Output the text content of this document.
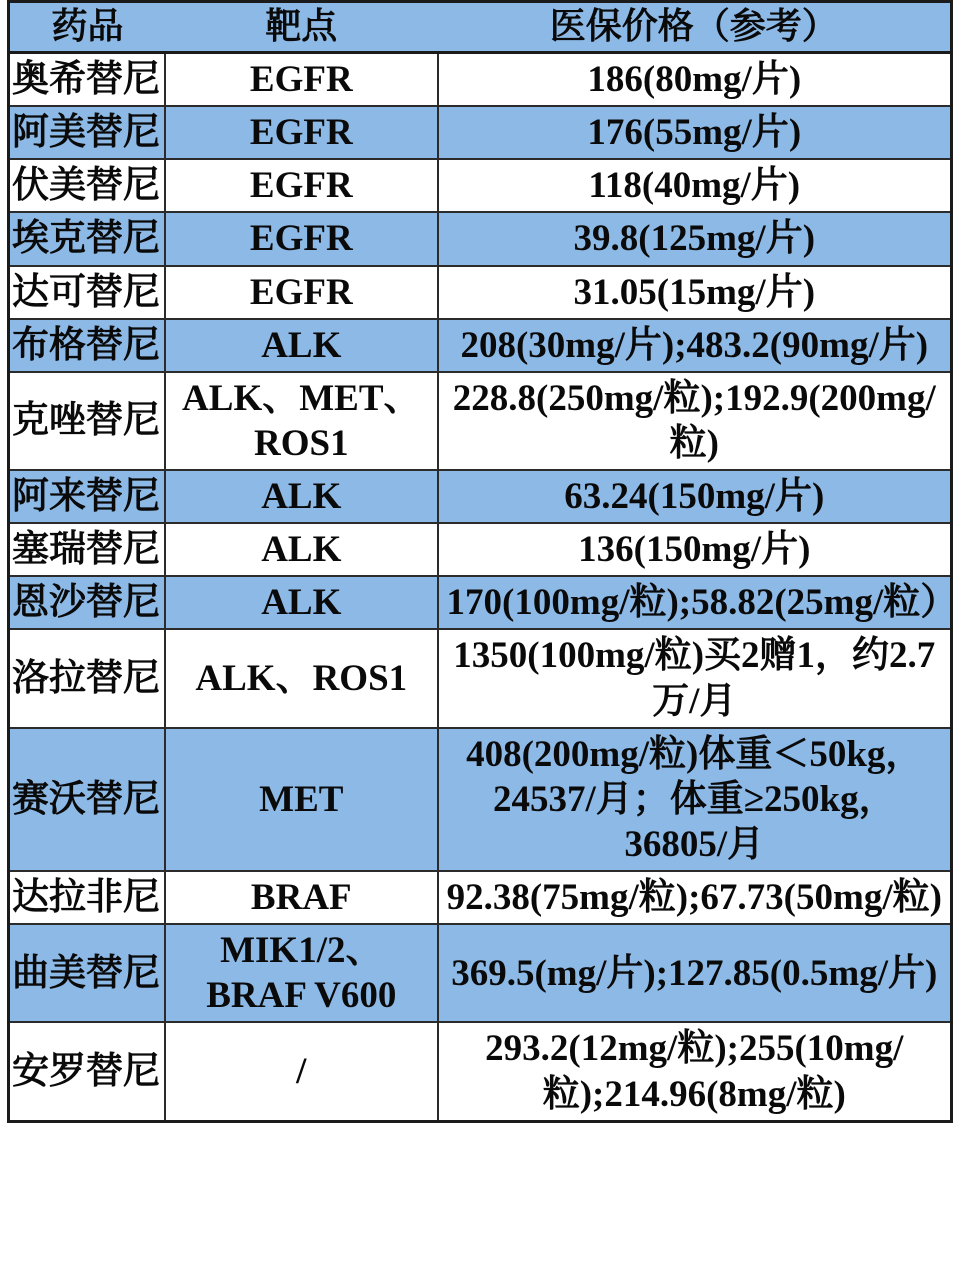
药品	靶点	医保价格（参考）
奥希替尼	EGFR	186(80mg/片)
阿美替尼	EGFR	176(55mg/片)
伏美替尼	EGFR	118(40mg/片)
埃克替尼	EGFR	39.8(125mg/片)
达可替尼	EGFR	31.05(15mg/片)
布格替尼	ALK	208(30mg/片);483.2(90mg/片)
克唑替尼	ALK、MET、ROS1	228.8(250mg/粒);192.9(200mg/粒)
阿来替尼	ALK	63.24(150mg/片)
塞瑞替尼	ALK	136(150mg/片)
恩沙替尼	ALK	170(100mg/粒);58.82(25mg/粒）
洛拉替尼	ALK、ROS1	1350(100mg/粒)买2赠1，约2.7万/月
赛沃替尼	MET	408(200mg/粒)体重＜50kg，24537/月；体重≥250kg，36805/月
达拉非尼	BRAF	92.38(75mg/粒);67.73(50mg/粒)
曲美替尼	MIK1/2、BRAF V600	369.5(mg/片);127.85(0.5mg/片)
安罗替尼	/	293.2(12mg/粒);255(10mg/粒);214.96(8mg/粒)
